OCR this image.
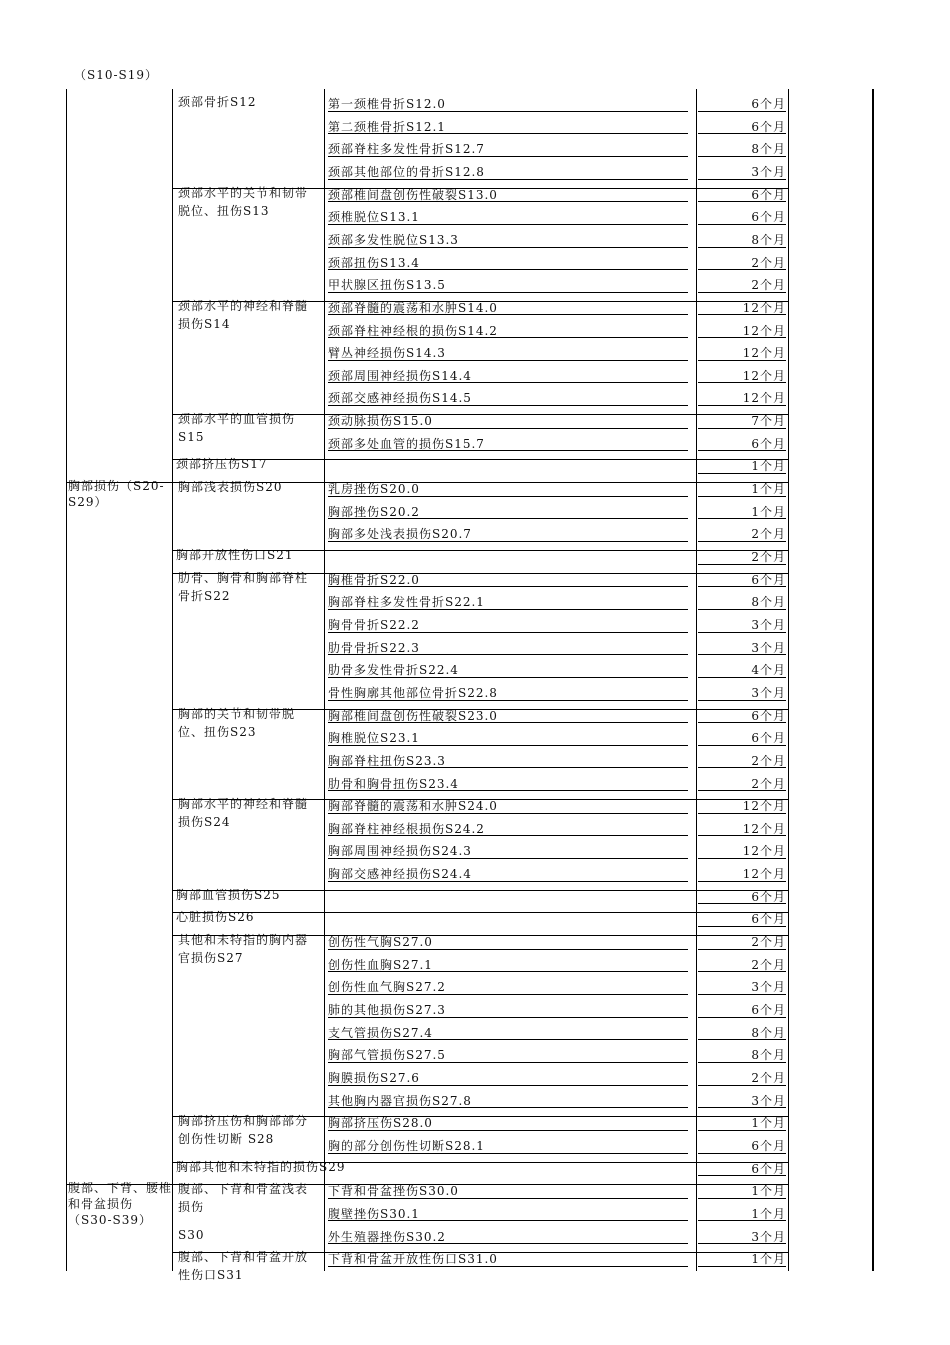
（S10-S19）
颈部骨折S12	第一颈椎骨折S12.0	6个月
第二颈椎骨折S12.1	6个月
颈部脊柱多发性骨折S12.7	8个月
颈部其他部位的骨折S12.8	3个月
颈部水平的关节和韧带脱位、扭伤S13
颈部椎间盘创伤性破裂S13.0	6个月
颈椎脱位S13.1	6个月
颈部多发性脱位S13.3	8个月
颈部扭伤S13.4	2个月
甲状腺区扭伤S13.5	2个月
颈部水平的神经和脊髓损伤S14
颈部脊髓的震荡和水肿S14.0	12个月
颈部脊柱神经根的损伤S14.2	12个月
臂丛神经损伤S14.3	12个月
颈部周围神经损伤S14.4	12个月
颈部交感神经损伤S14.5	12个月
颈部水平的血管损伤S15
颈动脉损伤S15.0	7个月
颈部多处血管的损伤S15.7	6个月
颈部挤压伤S17	1个月
胸部损伤（S20-S29）
胸部浅表损伤S20	乳房挫伤S20.0	1个月
胸部挫伤S20.2	1个月
胸部多处浅表损伤S20.7	2个月
胸部开放性伤口S21	2个月
肋骨、胸骨和胸部脊柱骨折S22
胸椎骨折S22.0	6个月
胸部脊柱多发性骨折S22.1	8个月
胸骨骨折S22.2	3个月
肋骨骨折S22.3	3个月
肋骨多发性骨折S22.4	4个月
骨性胸廓其他部位骨折S22.8	3个月
胸部的关节和韧带脱位、扭伤S23
胸部椎间盘创伤性破裂S23.0	6个月
胸椎脱位S23.1	6个月
胸部脊柱扭伤S23.3	2个月
肋骨和胸骨扭伤S23.4	2个月
胸部水平的神经和脊髓损伤S24
胸部脊髓的震荡和水肿S24.0	12个月
胸部脊柱神经根损伤S24.2	12个月
胸部周围神经损伤S24.3	12个月
胸部交感神经损伤S24.4	12个月
胸部血管损伤S25	6个月
心脏损伤S26	6个月
其他和未特指的胸内器官损伤S27
创伤性气胸S27.0	2个月
创伤性血胸S27.1	2个月
创伤性血气胸S27.2	3个月
肺的其他损伤S27.3	6个月
支气管损伤S27.4	8个月
胸部气管损伤S27.5	8个月
胸膜损伤S27.6	2个月
其他胸内器官损伤S27.8	3个月
胸部挤压伤和胸部部分创伤性切断 S28
胸部挤压伤S28.0	1个月
胸的部分创伤性切断S28.1	6个月
胸部其他和未特指的损伤S29	6个月
腹部、下背、腰椎和骨盆损伤（S30-S39）
腹部、下背和骨盆浅表损伤
下背和骨盆挫伤S30.0	1个月
腹壁挫伤S30.1	1个月
S30	外生殖器挫伤S30.2	3个月
腹部、下背和骨盆开放性伤口S31
下背和骨盆开放性伤口S31.0	1个月
